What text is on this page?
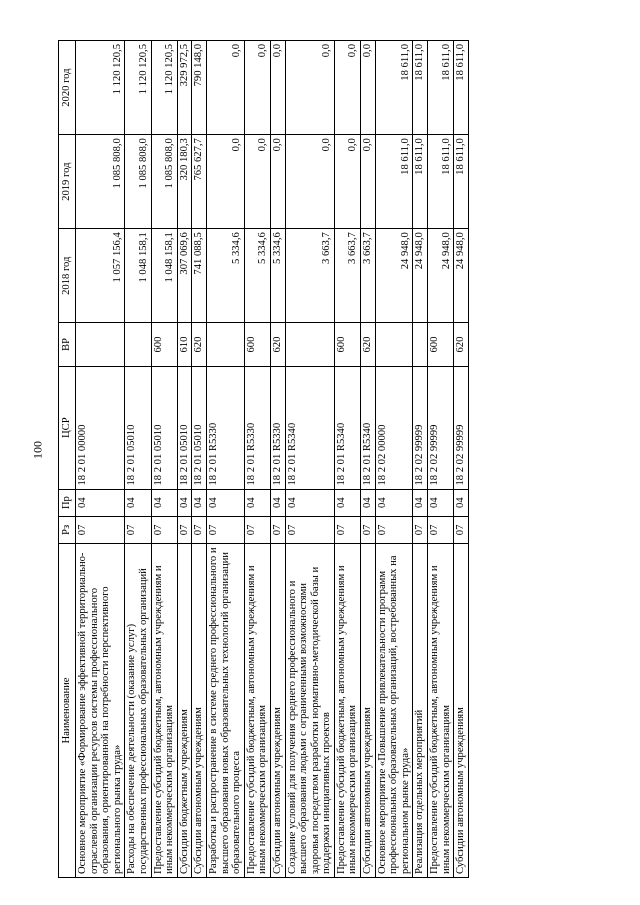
100
Наименование	Рз	Пр	ЦСР	ВР	2018 год	2019 год	2020 год
Основное мероприятие «Формирование эффективной территориально-отраслевой организации ресурсов системы профессионального образования, ориентированной на потребности перспективного регионального рынка труда»	07	04	18 2 01 00000		1 057 156,4	1 085 808,0	1 120 120,5
Расходы на обеспечение деятельности (оказание услуг) государственных профессиональных образовательных организаций	07	04	18 2 01 05010		1 048 158,1	1 085 808,0	1 120 120,5
Предоставление субсидий бюджетным, автономным учреждениям и иным некоммерческим организациям	07	04	18 2 01 05010	600	1 048 158,1	1 085 808,0	1 120 120,5
Субсидии бюджетным учреждениям	07	04	18 2 01 05010	610	307 069,6	320 180,3	329 972,5
Субсидии автономным учреждениям	07	04	18 2 01 05010	620	741 088,5	765 627,7	790 148,0
Разработка и распространение в системе среднего профессионального и высшего образования новых образовательных технологий организации образовательного процесса	07	04	18 2 01 R5330		5 334,6	0,0	0,0
Предоставление субсидий бюджетным, автономным учреждениям и иным некоммерческим организациям	07	04	18 2 01 R5330	600	5 334,6	0,0	0,0
Субсидии автономным учреждениям	07	04	18 2 01 R5330	620	5 334,6	0,0	0,0
Создание условий для получения среднего профессионального и высшего образования людьми с ограниченными возможностями здоровья посредством разработки нормативно-методической базы и поддержки инициативных проектов	07	04	18 2 01 R5340		3 663,7	0,0	0,0
Предоставление субсидий бюджетным, автономным учреждениям и иным некоммерческим организациям	07	04	18 2 01 R5340	600	3 663,7	0,0	0,0
Субсидии автономным учреждениям	07	04	18 2 01 R5340	620	3 663,7	0,0	0,0
Основное мероприятие «Повышение привлекательности программ профессиональных образовательных организаций, востребованных на региональном рынке труда»	07	04	18 2 02 00000		24 948,0	18 611,0	18 611,0
Реализация отдельных мероприятий	07	04	18 2 02 99999		24 948,0	18 611,0	18 611,0
Предоставление субсидий бюджетным, автономным учреждениям и иным некоммерческим организациям	07	04	18 2 02 99999	600	24 948,0	18 611,0	18 611,0
Субсидии автономным учреждениям	07	04	18 2 02 99999	620	24 948,0	18 611,0	18 611,0
